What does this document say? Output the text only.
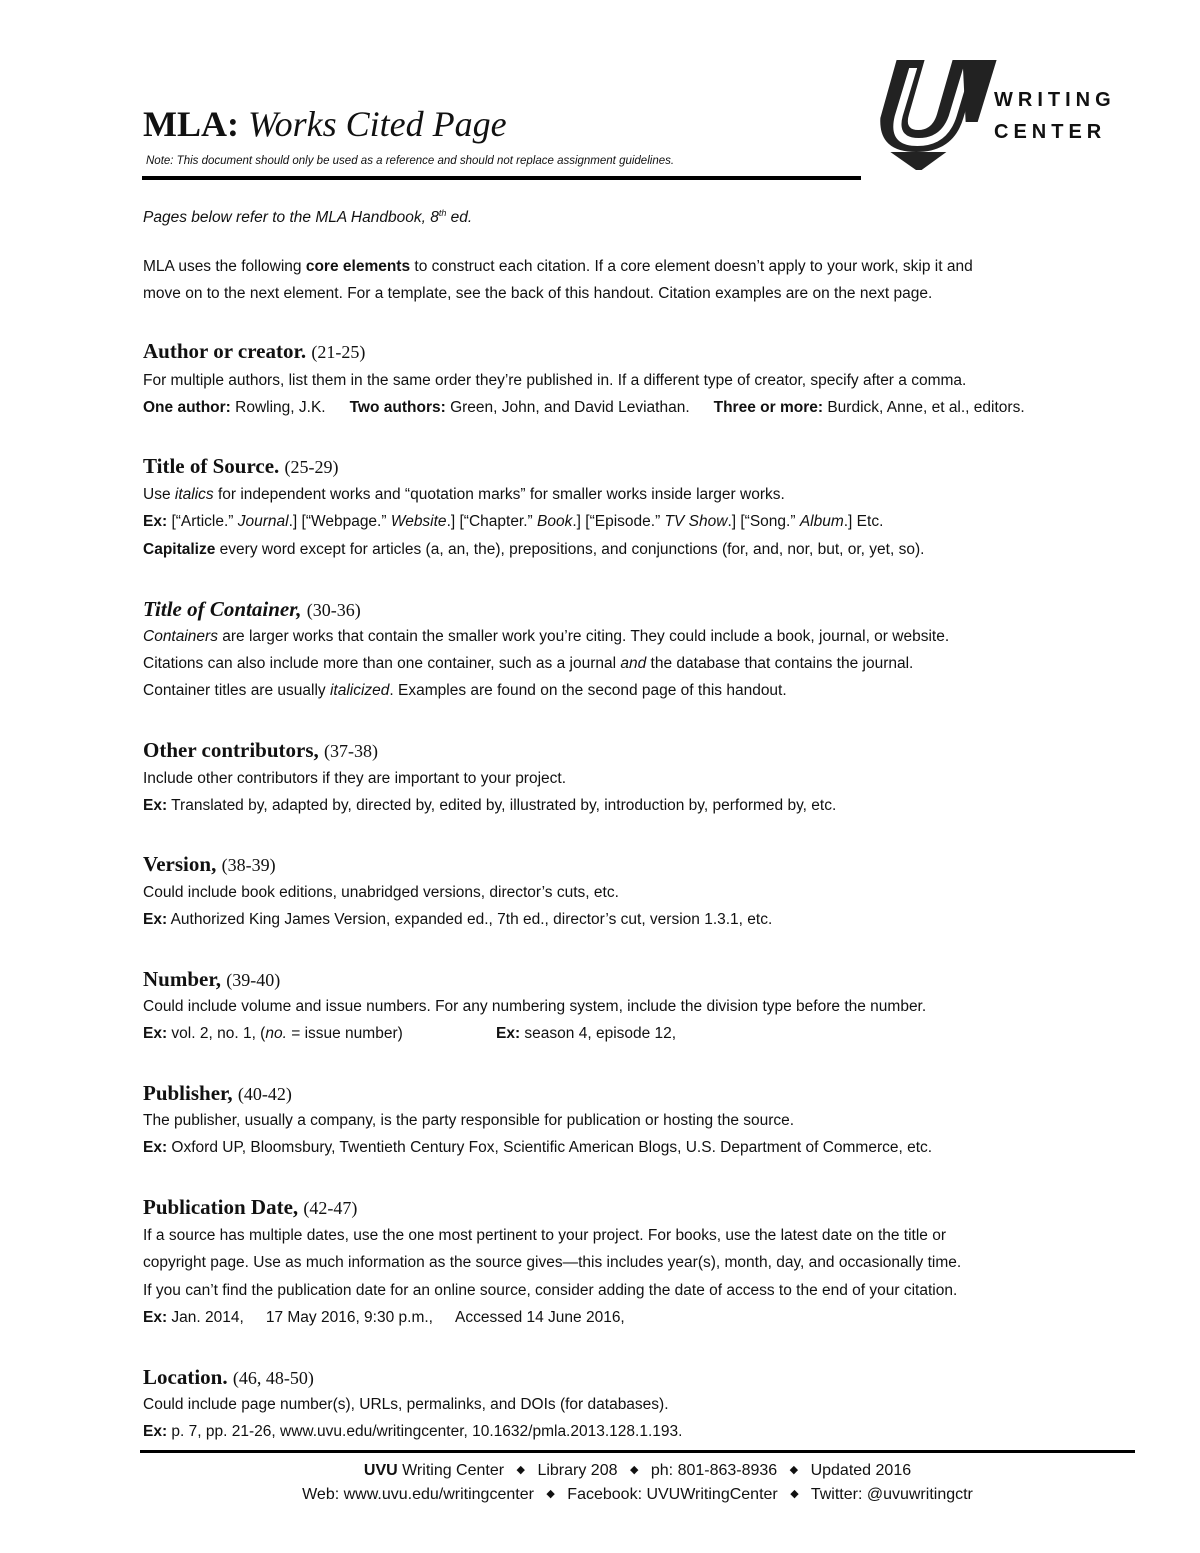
MLA: Works Cited Page
Note: This document should only be used as a reference and should not replace assignment guidelines.
WRITING
CENTER
Pages below refer to the MLA Handbook, 8th ed.
MLA uses the following core elements to construct each citation. If a core element doesn’t apply to your work, skip it and
move on to the next element. For a template, see the back of this handout. Citation examples are on the next page.
Author or creator. (21-25)
For multiple authors, list them in the same order they’re published in. If a different type of creator, specify after a comma.
One author: Rowling, J.K. Two authors: Green, John, and David Leviathan. Three or more: Burdick, Anne, et al., editors.
Title of Source. (25-29)
Use italics for independent works and “quotation marks” for smaller works inside larger works.
Ex: [“Article.” Journal.] [“Webpage.” Website.] [“Chapter.” Book.] [“Episode.” TV Show.] [“Song.” Album.] Etc.
Capitalize every word except for articles (a, an, the), prepositions, and conjunctions (for, and, nor, but, or, yet, so).
Title of Container, (30-36)
Containers are larger works that contain the smaller work you’re citing. They could include a book, journal, or website.
Citations can also include more than one container, such as a journal and the database that contains the journal.
Container titles are usually italicized. Examples are found on the second page of this handout.
Other contributors, (37-38)
Include other contributors if they are important to your project.
Ex: Translated by, adapted by, directed by, edited by, illustrated by, introduction by, performed by, etc.
Version, (38-39)
Could include book editions, unabridged versions, director’s cuts, etc.
Ex: Authorized King James Version, expanded ed., 7th ed., director’s cut, version 1.3.1, etc.
Number, (39-40)
Could include volume and issue numbers. For any numbering system, include the division type before the number.
Ex: vol. 2, no. 1, (no. = issue number)	Ex: season 4, episode 12,
Publisher, (40-42)
The publisher, usually a company, is the party responsible for publication or hosting the source.
Ex: Oxford UP, Bloomsbury, Twentieth Century Fox, Scientific American Blogs, U.S. Department of Commerce, etc.
Publication Date, (42-47)
If a source has multiple dates, use the one most pertinent to your project. For books, use the latest date on the title or
copyright page. Use as much information as the source gives—this includes year(s), month, day, and occasionally time.
If you can’t find the publication date for an online source, consider adding the date of access to the end of your citation.
Ex: Jan. 2014, 17 May 2016, 9:30 p.m., Accessed 14 June 2016,
Location. (46, 48-50)
Could include page number(s), URLs, permalinks, and DOIs (for databases).
Ex: p. 7, pp. 21-26, www.uvu.edu/writingcenter, 10.1632/pmla.2013.128.1.193.
UVU Writing Center ◆ Library 208 ◆ ph: 801-863-8936 ◆ Updated 2016
Web: www.uvu.edu/writingcenter ◆ Facebook: UVUWritingCenter ◆ Twitter: @uvuwritingctr
